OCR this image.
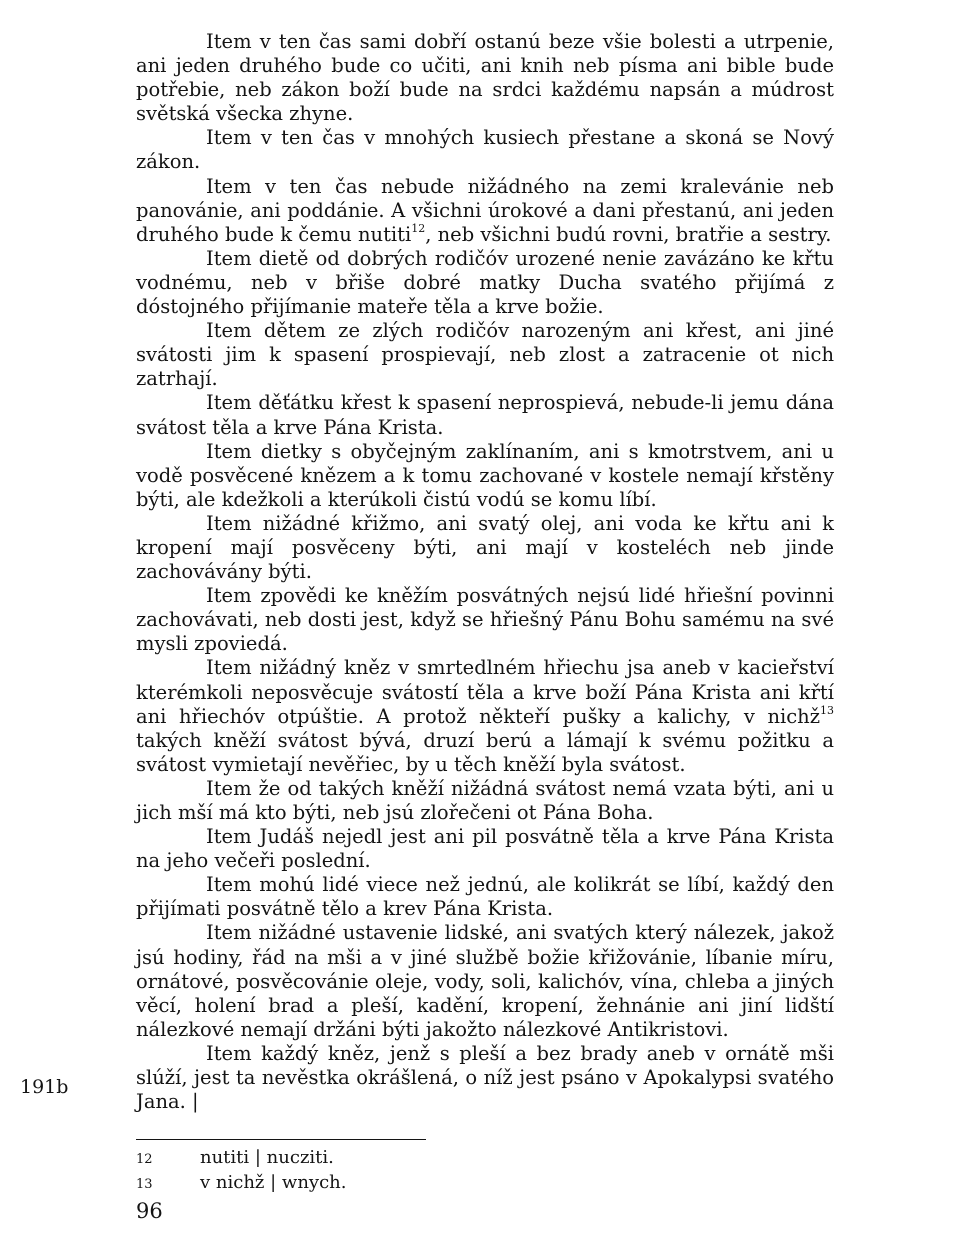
Item v ten čas sami dobří ostanú beze všie bolesti a utrpenie, ani jeden druhého bude co učiti, ani knih neb písma ani bible bude potřebie, neb zákon boží bude na srdci každému napsán a múdrost světská všecka zhyne.

Item v ten čas v mnohých kusiech přestane a skoná se Nový zákon.

Item v ten čas nebude nižádného na zemi kralevánie neb panovánie, ani poddánie. A všichni úrokové a dani přestanú, ani jeden druhého bude k čemu nutiti$^{12}$, neb všichni budú rovni, bratřie a sestry.

Item dietě od dobrých rodičóv urozené nenie zavázáno ke křtu vodnému, neb v břiše dobré matky Ducha svatého přijímá z dóstojného přijímanie mateře těla a krve božie.

Item dětem ze zlých rodičóv narozeným ani křest, ani jiné svátosti jim k spasení prospievají, neb zlost a zatracenie ot nich zatrhají.

Item děťátku křest k spasení neprospievá, nebude-li jemu dána svátost těla a krve Pána Krista.

Item dietky s obyčejným zaklínaním, ani s kmotrstvem, ani u vodě posvěcené knězem a k tomu zachované v kostele nemají křstěny býti, ale kdežkoli a kterúkoli čistú vodú se komu líbí.

Item nižádné křižmo, ani svatý olej, ani voda ke křtu ani k kropení mají posvěceny býti, ani mají v kosteléch neb jinde zachovávány býti.

Item zpovědi ke kněžím posvátných nejsú lidé hřiešní povinni zachovávati, neb dosti jest, když se hřiešný Pánu Bohu samému na své mysli zpoviedá.

Item nižádný kněz v smrtedlném hřiechu jsa aneb v kacieřství kterémkoli neposvěcuje svátostí těla a krve boží Pána Krista ani křtí ani hřiechóv otpúštie. A protož někteří pušky a kalichy, v nichž$^{13}$ takých kněží svátost bývá, druzí berú a lámají k svému požitku a svátost vymietají nevěřiec, by u těch kněží byla svátost.

Item že od takých kněží nižádná svátost nemá vzata býti, ani u jich mší má kto býti, neb jsú zlořečeni ot Pána Boha.

Item Judáš nejedl jest ani pil posvátně těla a krve Pána Krista na jeho večeři poslední.

Item mohú lidé viece než jednú, ale kolikrát se líbí, každý den přijímati posvátně tělo a krev Pána Krista.

Item nižádné ustavenie lidské, ani svatých který nálezek, jakož jsú hodiny, řád na mši a v jiné službě božie křižovánie, líbanie míru, ornátové, posvěcovánie oleje, vody, soli, kalichóv, vína, chleba a jiných věcí, holení brad a pleší, kadění, kropení, žehnánie ani jiní lidští nálezkové nemají držáni býti jakožto nálezkové Antikristovi.

Item každý kněz, jenž s pleší a bez brady aneb v ornátě mši slúží, jest ta nevěstka okrášlená, o níž jest psáno v Apokalypsi svatého Jana. |

191b
12	nutiti | nucziti.
13	v nichž | wnych.
96
